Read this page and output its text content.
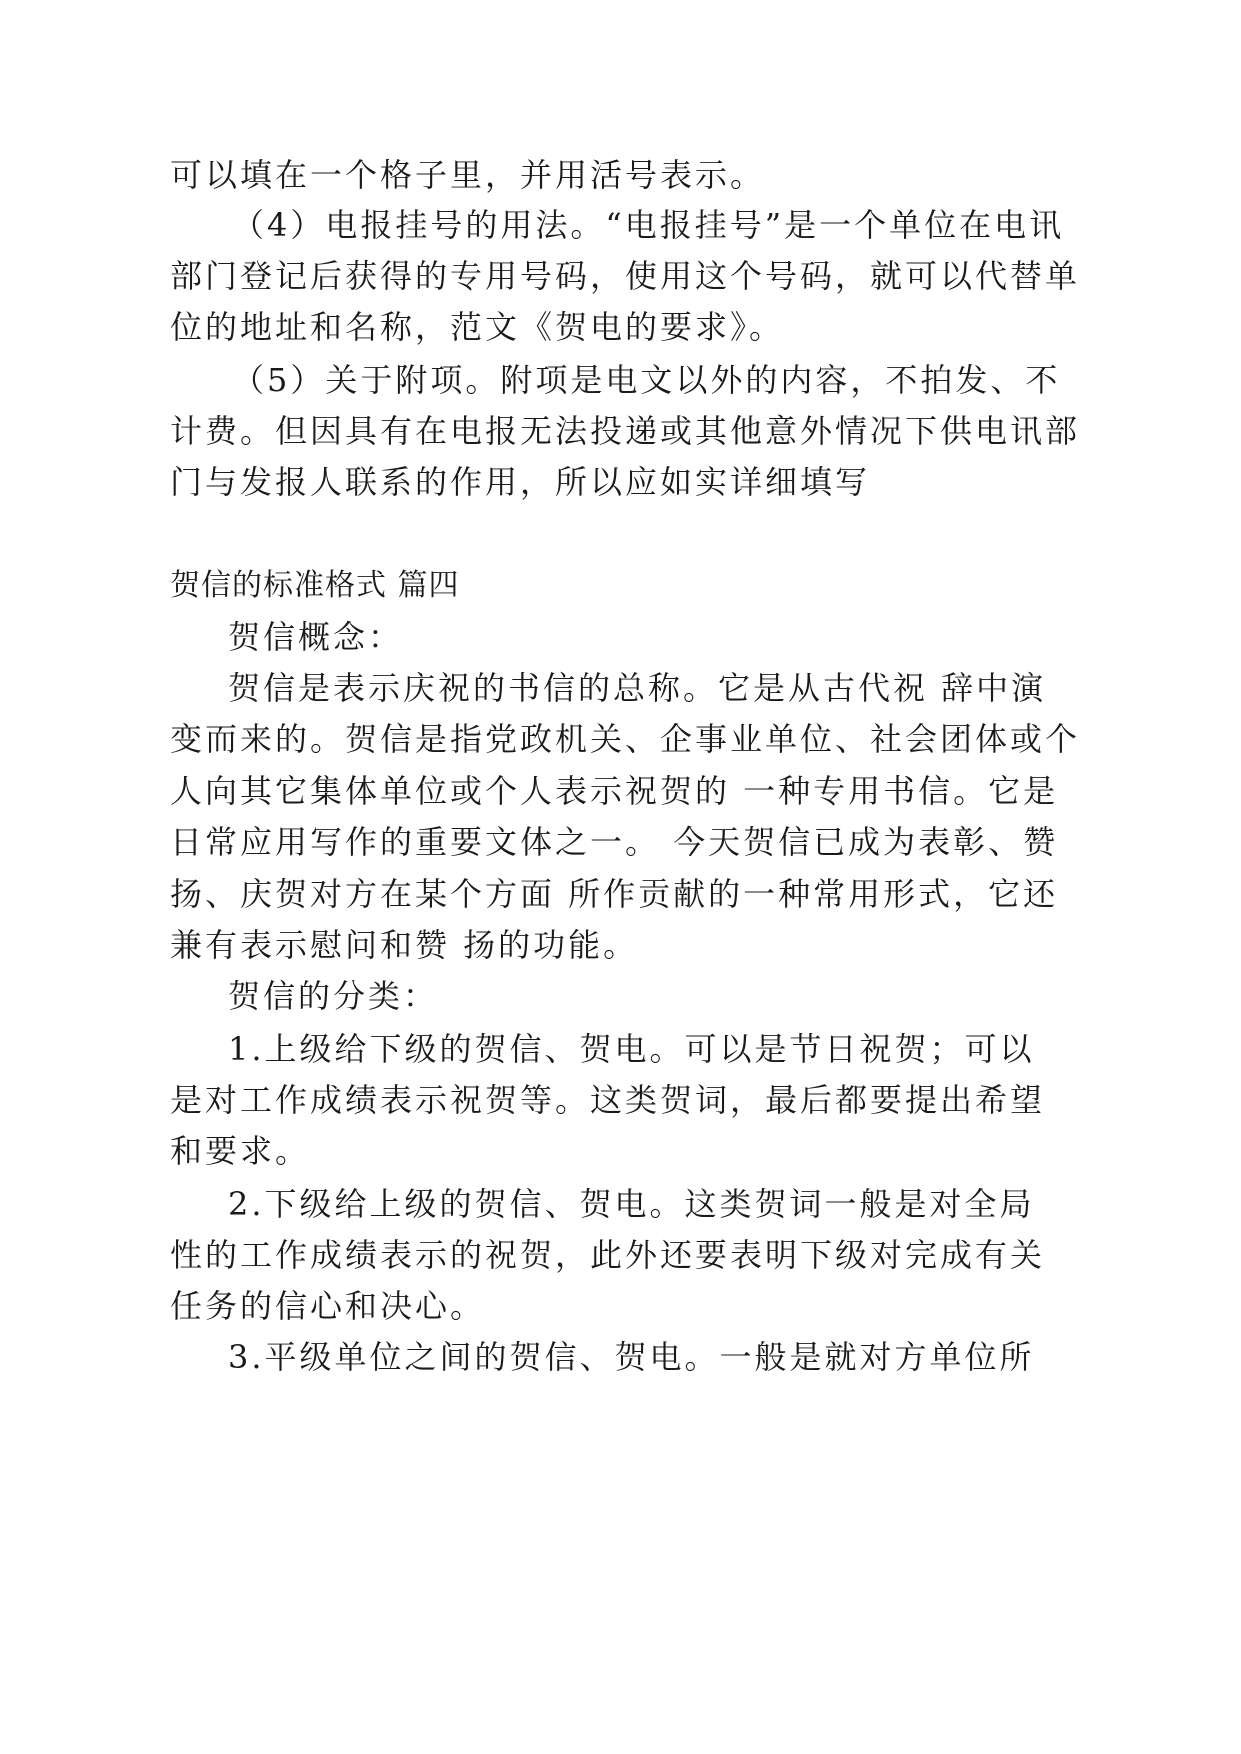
可以填在一个格子里，并用活号表示。
（4）电报挂号的用法。“电报挂号”是一个单位在电讯
部门登记后获得的专用号码，使用这个号码，就可以代替单
位的地址和名称，范文《贺电的要求》。
（5）关于附项。附项是电文以外的内容，不拍发、不
计费。但因具有在电报无法投递或其他意外情况下供电讯部
门与发报人联系的作用，所以应如实详细填写
贺信的标准格式 篇四
贺信概念：
贺信是表示庆祝的书信的总称。它是从古代祝 辞中演
变而来的。贺信是指党政机关、企事业单位、社会团体或个
人向其它集体单位或个人表示祝贺的 一种专用书信。它是
日常应用写作的重要文体之一。 今天贺信已成为表彰、赞
扬、庆贺对方在某个方面 所作贡献的一种常用形式，它还
兼有表示慰问和赞 扬的功能。
贺信的分类：
1.上级给下级的贺信、贺电。可以是节日祝贺；可以
是对工作成绩表示祝贺等。这类贺词，最后都要提出希望
和要求。
2.下级给上级的贺信、贺电。这类贺词一般是对全局
性的工作成绩表示的祝贺，此外还要表明下级对完成有关
任务的信心和决心。
3.平级单位之间的贺信、贺电。一般是就对方单位所
